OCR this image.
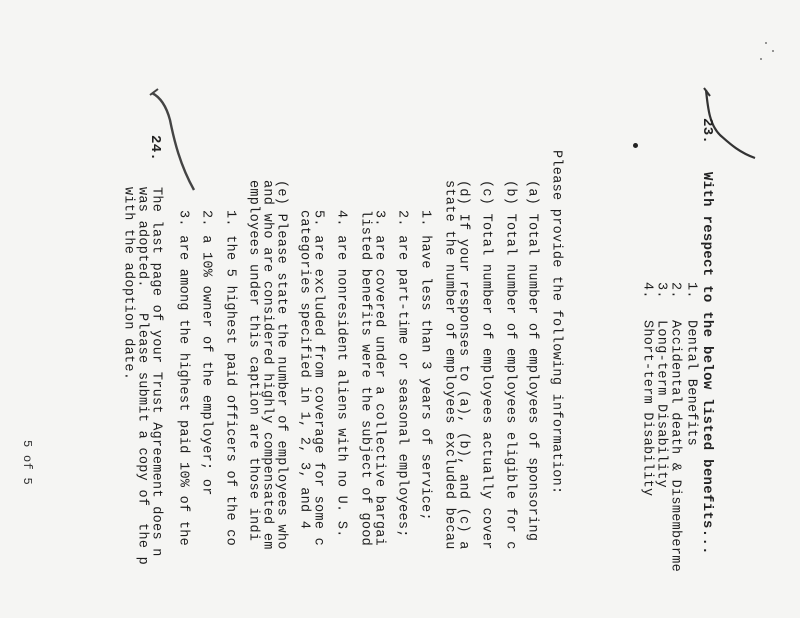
23.
With respect to the below listed benefits...
1.
Dental Benefits
2.
Accidental death & Dismemberme
3.
Long-term Disability
4.
Short-term Disability
Please provide the following information:
(a) Total number of employees of sponsoring
(b) Total number of employees eligible for c
(c) Total number of employees actually cover
(d) If your responses to (a), (b), and (c) a
state the number of employees excluded becau
1. have less than 3 years of service;
2. are part-time or seasonal employees;
3. are covered under a collective bargai
listed benefits were the subject of good
4. are nonresident aliens with no U. S.
5. are excluded from coverage for some c
categories specified in 1, 2, 3, and 4
(e) Please state the number of employees who
and who are considered highly compensated em
employees under this caption are those indi
1. the 5 highest paid officers of the co
2. a 10% owner of the employer; or
3. are among the highest paid 10% of the
24.
The last page of your Trust Agreement does n
was adopted.   Please submit a copy of  the p
with the adoption date.
5 of 5
